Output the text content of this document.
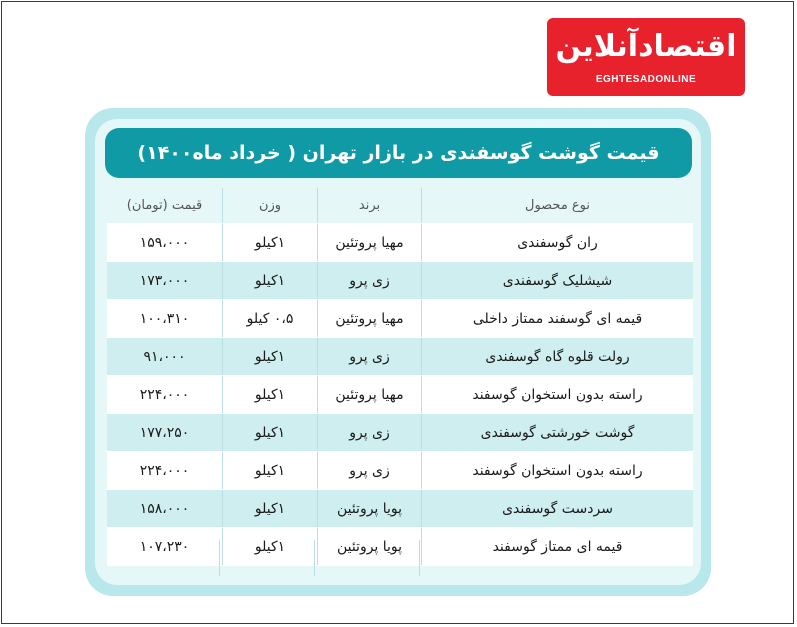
اقتصادآنلاین
EGHTESADONLINE
قیمت گوشت گوسفندی در بازار تهران ( خرداد ماه۱۴۰۰)
نوع محصول
برند
وزن
قیمت (تومان)
ران گوسفندی
مهیا پروتئین
۱کیلو
۱۵۹،۰۰۰
شیشلیک گوسفندی
زی پرو
۱کیلو
۱۷۳،۰۰۰
قیمه ای گوسفند ممتاز داخلی
مهیا پروتئین
۰،۵ کیلو
۱۰۰،۳۱۰
رولت قلوه گاه گوسفندی
زی پرو
۱کیلو
۹۱،۰۰۰
راسته بدون استخوان گوسفند
مهیا پروتئین
۱کیلو
۲۲۴،۰۰۰
گوشت خورشتی گوسفندی
زی پرو
۱کیلو
۱۷۷،۲۵۰
راسته بدون استخوان گوسفند
زی پرو
۱کیلو
۲۲۴،۰۰۰
سردست گوسفندی
پویا پروتئین
۱کیلو
۱۵۸،۰۰۰
قیمه ای ممتاز گوسفند
پویا پروتئین
۱کیلو
۱۰۷،۲۳۰
